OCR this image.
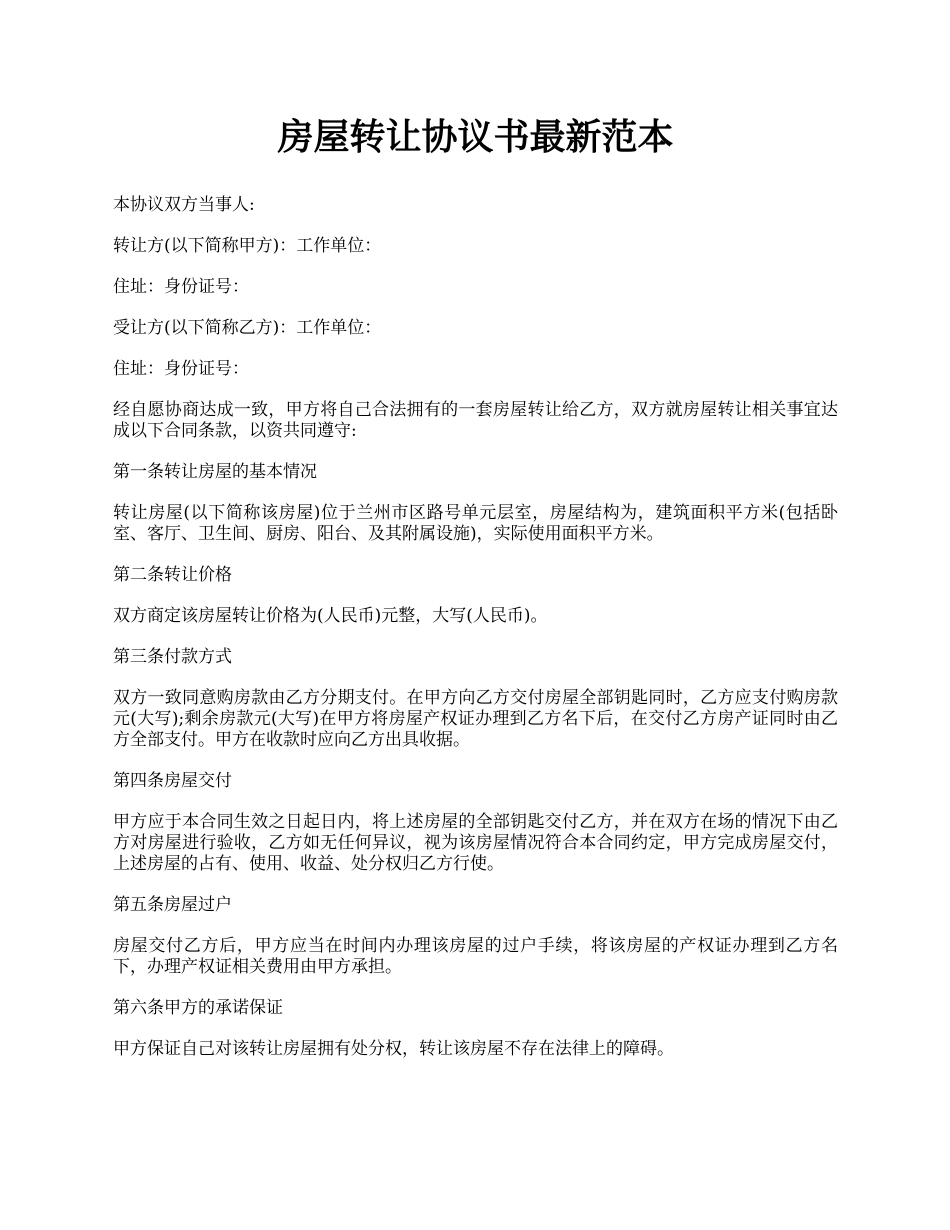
房屋转让协议书最新范本

本协议双方当事人:

转让方(以下简称甲方)：工作单位：

住址：身份证号：

受让方(以下简称乙方)：工作单位：

住址：身份证号：

经自愿协商达成一致，甲方将自己合法拥有的一套房屋转让给乙方，双方就房屋转让相关事宜达成以下合同条款，以资共同遵守:

第一条转让房屋的基本情况

转让房屋(以下简称该房屋)位于兰州市区路号单元层室，房屋结构为，建筑面积平方米(包括卧室、客厅、卫生间、厨房、阳台、及其附属设施)，实际使用面积平方米。

第二条转让价格

双方商定该房屋转让价格为(人民币)元整，大写(人民币)。

第三条付款方式

双方一致同意购房款由乙方分期支付。在甲方向乙方交付房屋全部钥匙同时，乙方应支付购房款元(大写);剩余房款元(大写)在甲方将房屋产权证办理到乙方名下后，在交付乙方房产证同时由乙方全部支付。甲方在收款时应向乙方出具收据。

第四条房屋交付

甲方应于本合同生效之日起日内，将上述房屋的全部钥匙交付乙方，并在双方在场的情况下由乙方对房屋进行验收，乙方如无任何异议，视为该房屋情况符合本合同约定，甲方完成房屋交付，上述房屋的占有、使用、收益、处分权归乙方行使。

第五条房屋过户

房屋交付乙方后，甲方应当在时间内办理该房屋的过户手续，将该房屋的产权证办理到乙方名下，办理产权证相关费用由甲方承担。

第六条甲方的承诺保证

甲方保证自己对该转让房屋拥有处分权，转让该房屋不存在法律上的障碍。
